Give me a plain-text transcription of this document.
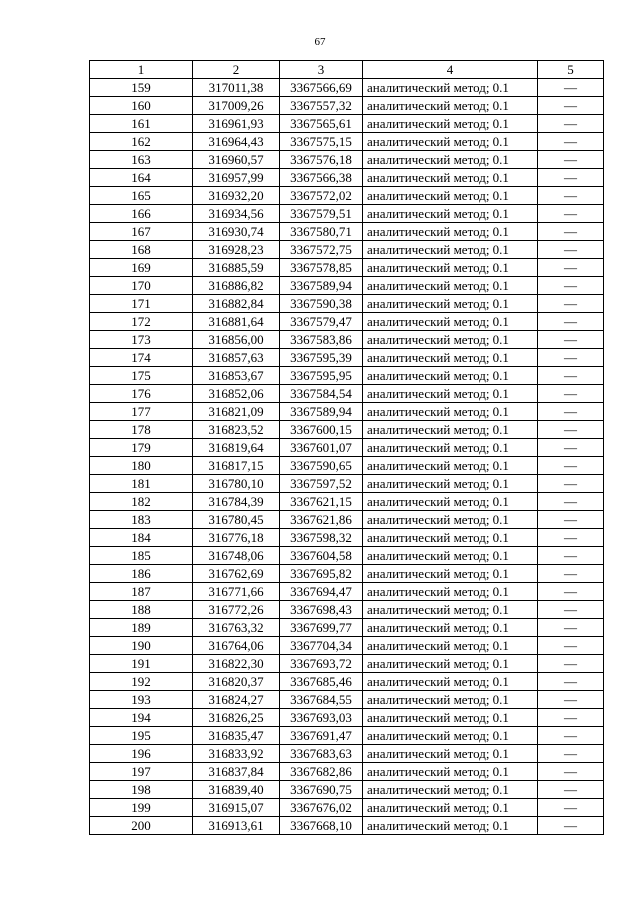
67
1	2	3	4	5
159	317011,38	3367566,69	аналитический метод; 0.1	—
160	317009,26	3367557,32	аналитический метод; 0.1	—
161	316961,93	3367565,61	аналитический метод; 0.1	—
162	316964,43	3367575,15	аналитический метод; 0.1	—
163	316960,57	3367576,18	аналитический метод; 0.1	—
164	316957,99	3367566,38	аналитический метод; 0.1	—
165	316932,20	3367572,02	аналитический метод; 0.1	—
166	316934,56	3367579,51	аналитический метод; 0.1	—
167	316930,74	3367580,71	аналитический метод; 0.1	—
168	316928,23	3367572,75	аналитический метод; 0.1	—
169	316885,59	3367578,85	аналитический метод; 0.1	—
170	316886,82	3367589,94	аналитический метод; 0.1	—
171	316882,84	3367590,38	аналитический метод; 0.1	—
172	316881,64	3367579,47	аналитический метод; 0.1	—
173	316856,00	3367583,86	аналитический метод; 0.1	—
174	316857,63	3367595,39	аналитический метод; 0.1	—
175	316853,67	3367595,95	аналитический метод; 0.1	—
176	316852,06	3367584,54	аналитический метод; 0.1	—
177	316821,09	3367589,94	аналитический метод; 0.1	—
178	316823,52	3367600,15	аналитический метод; 0.1	—
179	316819,64	3367601,07	аналитический метод; 0.1	—
180	316817,15	3367590,65	аналитический метод; 0.1	—
181	316780,10	3367597,52	аналитический метод; 0.1	—
182	316784,39	3367621,15	аналитический метод; 0.1	—
183	316780,45	3367621,86	аналитический метод; 0.1	—
184	316776,18	3367598,32	аналитический метод; 0.1	—
185	316748,06	3367604,58	аналитический метод; 0.1	—
186	316762,69	3367695,82	аналитический метод; 0.1	—
187	316771,66	3367694,47	аналитический метод; 0.1	—
188	316772,26	3367698,43	аналитический метод; 0.1	—
189	316763,32	3367699,77	аналитический метод; 0.1	—
190	316764,06	3367704,34	аналитический метод; 0.1	—
191	316822,30	3367693,72	аналитический метод; 0.1	—
192	316820,37	3367685,46	аналитический метод; 0.1	—
193	316824,27	3367684,55	аналитический метод; 0.1	—
194	316826,25	3367693,03	аналитический метод; 0.1	—
195	316835,47	3367691,47	аналитический метод; 0.1	—
196	316833,92	3367683,63	аналитический метод; 0.1	—
197	316837,84	3367682,86	аналитический метод; 0.1	—
198	316839,40	3367690,75	аналитический метод; 0.1	—
199	316915,07	3367676,02	аналитический метод; 0.1	—
200	316913,61	3367668,10	аналитический метод; 0.1	—
